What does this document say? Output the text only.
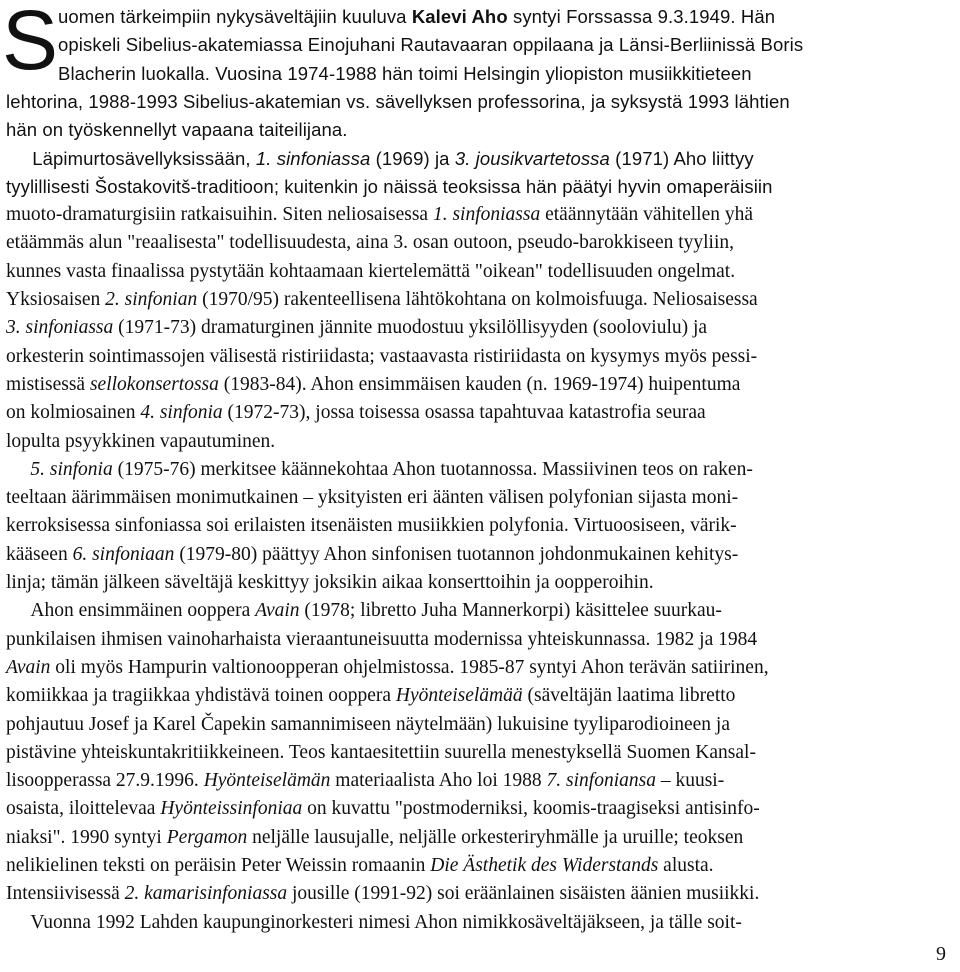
S uomen tärkeimpiin nykysäveltäjiin kuuluva Kalevi Aho syntyi Forssassa 9.3.1949. Hän
opiskeli Sibelius-akatemiassa Einojuhani Rautavaaran oppilaana ja Länsi-Berliinissä Boris
Blacherin luokalla. Vuosina 1974-1988 hän toimi Helsingin yliopiston musiikkitieteen
lehtorina, 1988-1993 Sibelius-akatemian vs. sävellyksen professorina, ja syksystä 1993 lähtien
hän on työskennellyt vapaana taiteilijana.
Läpimurtosävellyksissään, 1. sinfoniassa (1969) ja 3. jousikvartetossa (1971) Aho liittyy
tyylillisesti Šostakovitš-traditioon; kuitenkin jo näissä teoksissa hän päätyi hyvin omaperäisiin
muoto-dramaturgisiin ratkaisuihin. Siten neliosaisessa 1. sinfoniassa etäännytään vähitellen yhä
etäämmäs alun "reaalisesta" todellisuudesta, aina 3. osan outoon, pseudo-barokkiseen tyyliin,
kunnes vasta finaalissa pystytään kohtaamaan kiertelemättä "oikean" todellisuuden ongelmat.
Yksiosaisen 2. sinfonian (1970/95) rakenteellisena lähtökohtana on kolmoisfuuga. Neliosaisessa
3. sinfoniassa (1971-73) dramaturginen jännite muodostuu yksilöllisyyden (sooloviulu) ja
orkesterin sointimassojen välisestä ristiriidasta; vastaavasta ristiriidasta on kysymys myös pessi-
mistisessä sellokonsertossa (1983-84). Ahon ensimmäisen kauden (n. 1969-1974) huipentuma
on kolmiosainen 4. sinfonia (1972-73), jossa toisessa osassa tapahtuvaa katastrofia seuraa
lopulta psyykkinen vapautuminen.
5. sinfonia (1975-76) merkitsee käännekohtaa Ahon tuotannossa. Massiivinen teos on raken-
teeltaan äärimmäisen monimutkainen – yksityisten eri äänten välisen polyfonian sijasta moni-
kerroksisessa sinfoniassa soi erilaisten itsenäisten musiikkien polyfonia. Virtuoosiseen, värik-
kääseen 6. sinfoniaan (1979-80) päättyy Ahon sinfonisen tuotannon johdonmukainen kehitys-
linja; tämän jälkeen säveltäjä keskittyy joksikin aikaa konserttoihin ja oopperoihin.
Ahon ensimmäinen ooppera Avain (1978; libretto Juha Mannerkorpi) käsittelee suurkau-
punkilaisen ihmisen vainoharhaista vieraantuneisuutta modernissa yhteiskunnassa. 1982 ja 1984
Avain oli myös Hampurin valtionoopperan ohjelmistossa. 1985-87 syntyi Ahon terävän satiirinen,
komiikkaa ja tragiikkaa yhdistävä toinen ooppera Hyönteiselämää (säveltäjän laatima libretto
pohjautuu Josef ja Karel Čapekin samannimiseen näytelmään) lukuisine tyyliparodioineen ja
pistävine yhteiskuntakritiikkeineen. Teos kantaesitettiin suurella menestyksellä Suomen Kansal-
lisoopperassa 27.9.1996. Hyönteiselämän materiaalista Aho loi 1988 7. sinfoniansa – kuusi-
osaista, iloittelevaa Hyönteissinfoniaa on kuvattu "postmoderniksi, koomis-traagiseksi antisinfo-
niaksi". 1990 syntyi Pergamon neljälle lausujalle, neljälle orkesteriryhmälle ja uruille; teoksen
nelikielinen teksti on peräisin Peter Weissin romaanin Die Ästhetik des Widerstands alusta.
Intensiivisessä 2. kamarisinfoniassa jousille (1991-92) soi eräänlainen sisäisten äänien musiikki.
Vuonna 1992 Lahden kaupunginorkesteri nimesi Ahon nimikkosäveltäjäkseen, ja tälle soit-
9
